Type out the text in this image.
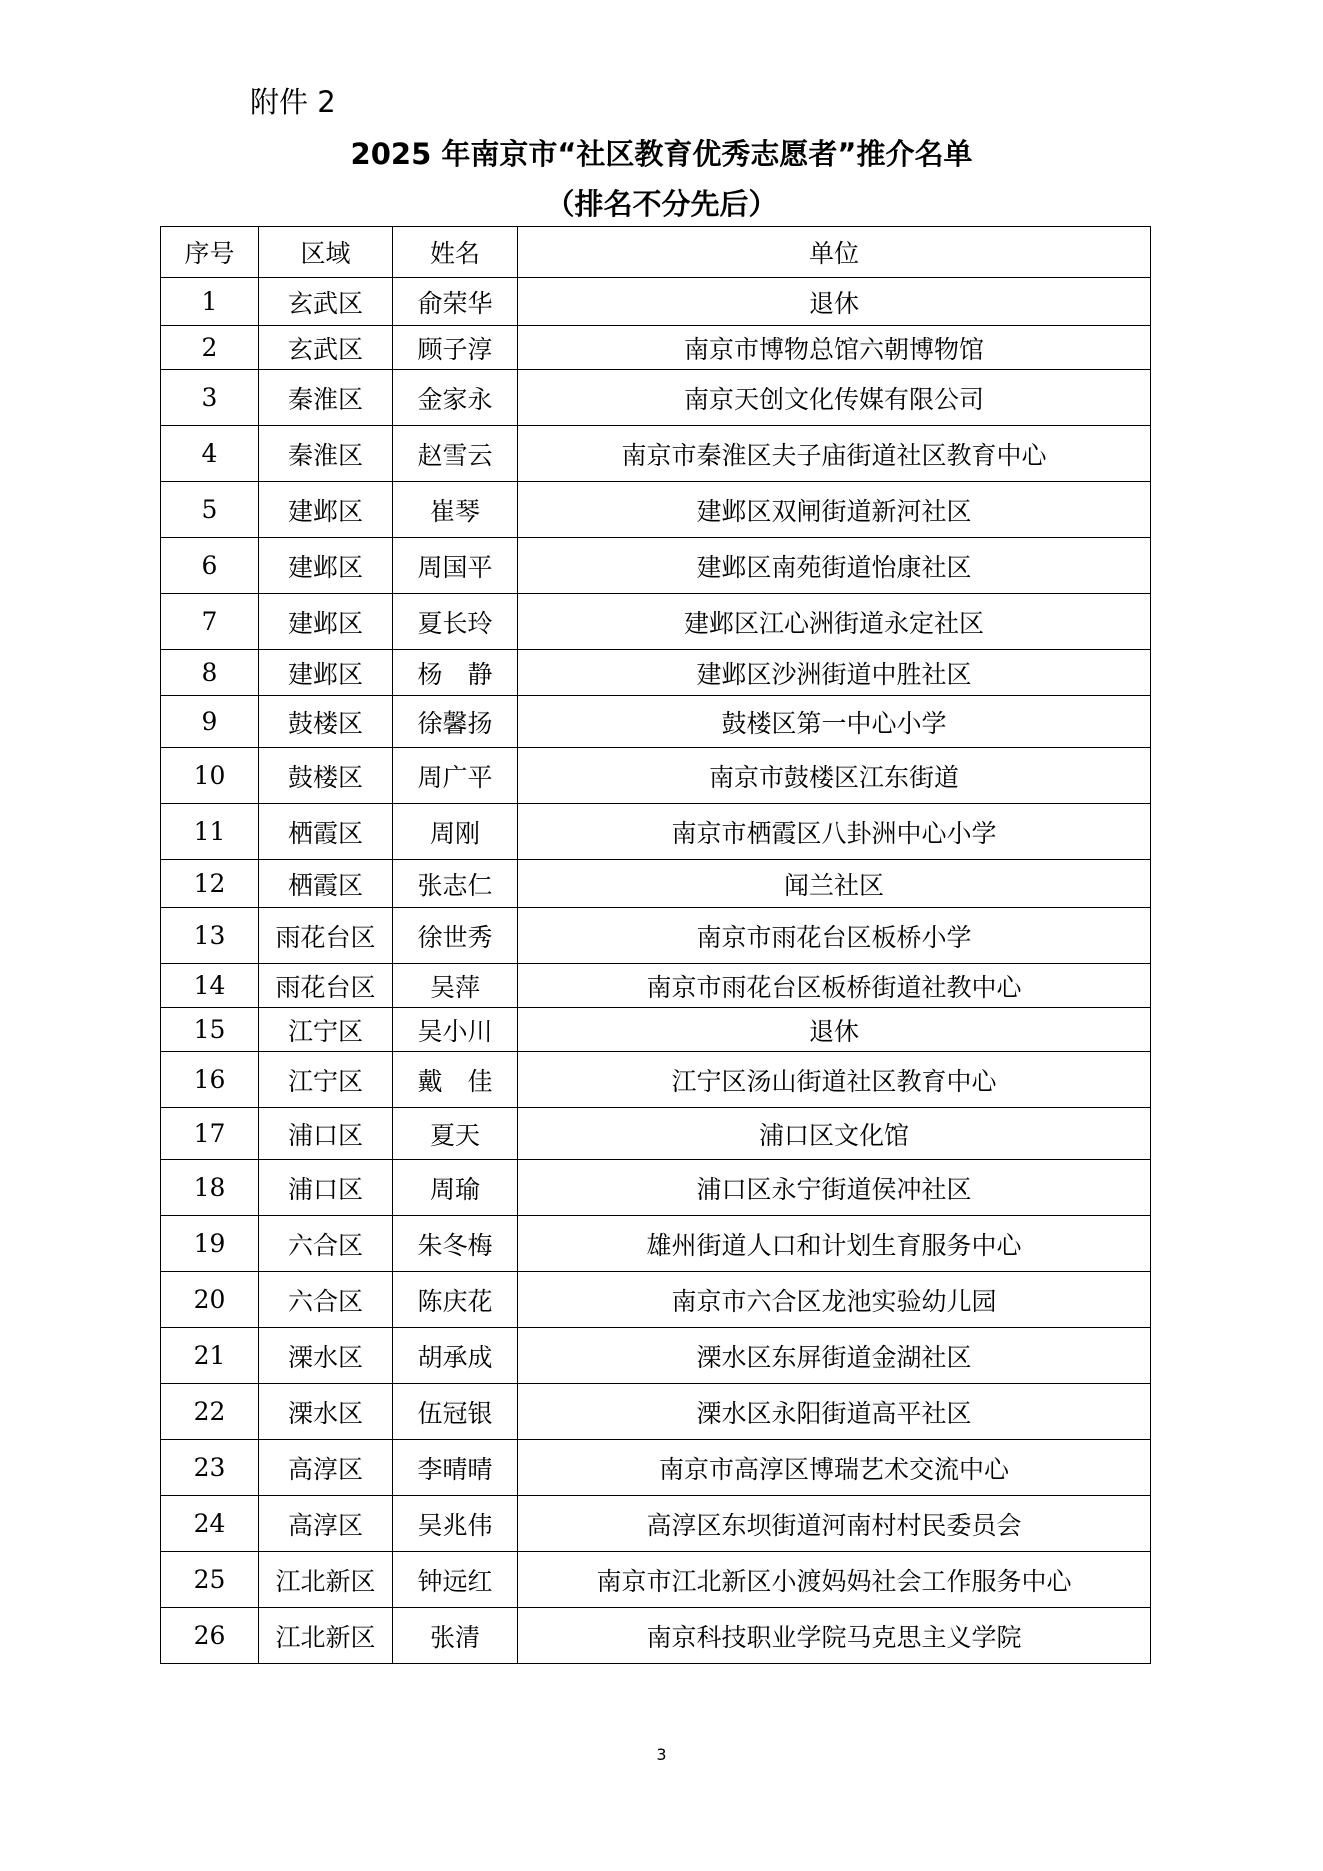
附件 2
2025 年南京市“社区教育优秀志愿者”推介名单
（排名不分先后）
序号	区域	姓名	单位
1	玄武区	俞荣华	退休
2	玄武区	顾子淳	南京市博物总馆六朝博物馆
3	秦淮区	金家永	南京天创文化传媒有限公司
4	秦淮区	赵雪云	南京市秦淮区夫子庙街道社区教育中心
5	建邺区	崔琴	建邺区双闸街道新河社区
6	建邺区	周国平	建邺区南苑街道怡康社区
7	建邺区	夏长玲	建邺区江心洲街道永定社区
8	建邺区	杨　静	建邺区沙洲街道中胜社区
9	鼓楼区	徐馨扬	鼓楼区第一中心小学
10	鼓楼区	周广平	南京市鼓楼区江东街道
11	栖霞区	周刚	南京市栖霞区八卦洲中心小学
12	栖霞区	张志仁	闻兰社区
13	雨花台区	徐世秀	南京市雨花台区板桥小学
14	雨花台区	吴萍	南京市雨花台区板桥街道社教中心
15	江宁区	吴小川	退休
16	江宁区	戴　佳	江宁区汤山街道社区教育中心
17	浦口区	夏天	浦口区文化馆
18	浦口区	周瑜	浦口区永宁街道侯冲社区
19	六合区	朱冬梅	雄州街道人口和计划生育服务中心
20	六合区	陈庆花	南京市六合区龙池实验幼儿园
21	溧水区	胡承成	溧水区东屏街道金湖社区
22	溧水区	伍冠银	溧水区永阳街道高平社区
23	高淳区	李晴晴	南京市高淳区博瑞艺术交流中心
24	高淳区	吴兆伟	高淳区东坝街道河南村村民委员会
25	江北新区	钟远红	南京市江北新区小渡妈妈社会工作服务中心
26	江北新区	张清	南京科技职业学院马克思主义学院
3
